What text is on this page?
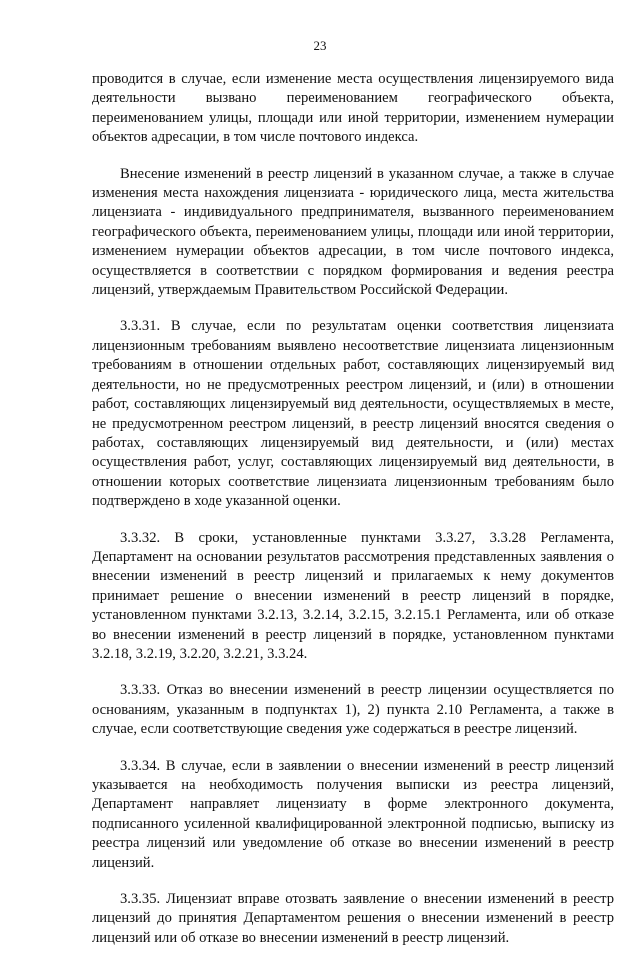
23

проводится в случае, если изменение места осуществления лицензируемого вида деятельности вызвано переименованием географического объекта, переименованием улицы, площади или иной территории, изменением нумерации объектов адресации, в том числе почтового индекса.

Внесение изменений в реестр лицензий в указанном случае, а также в случае изменения места нахождения лицензиата - юридического лица, места жительства лицензиата - индивидуального предпринимателя, вызванного переименованием географического объекта, переименованием улицы, площади или иной территории, изменением нумерации объектов адресации, в том числе почтового индекса, осуществляется в соответствии с порядком формирования и ведения реестра лицензий, утверждаемым Правительством Российской Федерации.

3.3.31. В случае, если по результатам оценки соответствия лицензиата лицензионным требованиям выявлено несоответствие лицензиата лицензионным требованиям в отношении отдельных работ, составляющих лицензируемый вид деятельности, но не предусмотренных реестром лицензий, и (или) в отношении работ, составляющих лицензируемый вид деятельности, осуществляемых в месте, не предусмотренном реестром лицензий, в реестр лицензий вносятся сведения о работах, составляющих лицензируемый вид деятельности, и (или) местах осуществления работ, услуг, составляющих лицензируемый вид деятельности, в отношении которых соответствие лицензиата лицензионным требованиям было подтверждено в ходе указанной оценки.

3.3.32. В сроки, установленные пунктами 3.3.27, 3.3.28 Регламента, Департамент на основании результатов рассмотрения представленных заявления о внесении изменений в реестр лицензий и прилагаемых к нему документов принимает решение о внесении изменений в реестр лицензий в порядке, установленном пунктами 3.2.13, 3.2.14, 3.2.15, 3.2.15.1 Регламента, или об отказе во внесении изменений в реестр лицензий в порядке, установленном пунктами 3.2.18, 3.2.19, 3.2.20, 3.2.21, 3.3.24.

3.3.33. Отказ во внесении изменений в реестр лицензии осуществляется по основаниям, указанным в подпунктах 1), 2) пункта 2.10 Регламента, а также в случае, если соответствующие сведения уже содержаться в реестре лицензий.

3.3.34. В случае, если в заявлении о внесении изменений в реестр лицензий указывается на необходимость получения выписки из реестра лицензий, Департамент направляет лицензиату в форме электронного документа, подписанного усиленной квалифицированной электронной подписью, выписку из реестра лицензий или уведомление об отказе во внесении изменений в реестр лицензий.

3.3.35. Лицензиат вправе отозвать заявление о внесении изменений в реестр лицензий до принятия Департаментом решения о внесении изменений в реестр лицензий или об отказе во внесении изменений в реестр лицензий.
